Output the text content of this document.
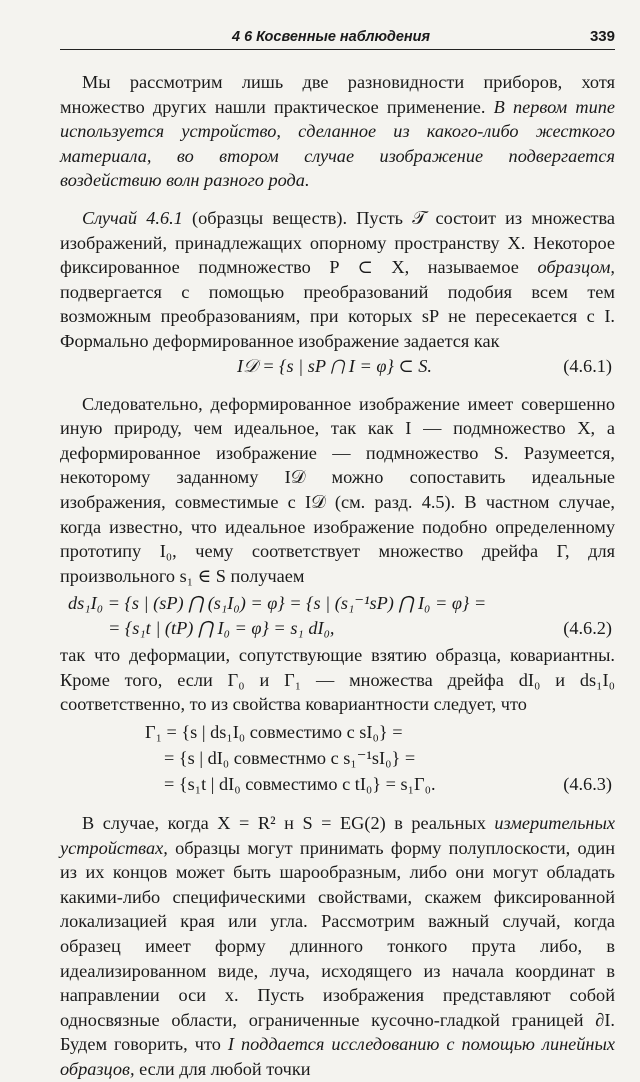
4 6 Косвенные наблюдения	339

Мы рассмотрим лишь две разновидности приборов, хотя множество других нашли практическое применение. В первом типе используется устройство, сделанное из какого-либо жесткого материала, во втором случае изображение подвергается воздействию волн разного рода.

Случай 4.6.1 (образцы веществ). Пусть 𝒯 состоит из множества изображений, принадлежащих опорному пространству X. Некоторое фиксированное подмножество P ⊂ X, называемое образцом, подвергается с помощью преобразований подобия всем тем возможным преобразованиям, при которых sP не пересекается с I. Формально деформированное изображение задается как

I𝒟 = {s | sP ⋂ I = φ} ⊂ S.	(4.6.1)

Следовательно, деформированное изображение имеет совершенно иную природу, чем идеальное, так как I — подмножество X, а деформированное изображение — подмножество S. Разумеется, некоторому заданному I𝒟 можно сопоставить идеальные изображения, совместимые с I𝒟 (см. разд. 4.5). В частном случае, когда известно, что идеальное изображение подобно определенному прототипу I₀, чему соответствует множество дрейфа Γ, для произвольного s₁ ∈ S получаем

ds₁I₀ = {s | (sP) ⋂ (s₁I₀) = φ} = {s | (s₁⁻¹sP) ⋂ I₀ = φ} =
= {s₁t | (tP) ⋂ I₀ = φ} = s₁ dI₀,	(4.6.2)

так что деформации, сопутствующие взятию образца, ковариантны. Кроме того, если Γ₀ и Γ₁ — множества дрейфа dI₀ и ds₁I₀ соответственно, то из свойства ковариантности следует, что

Γ₁ = {s | ds₁I₀ совместимо с sI₀} =
= {s | dI₀ совместнмо с s₁⁻¹sI₀} =
= {s₁t | dI₀ совместимо с tI₀} = s₁Γ₀.	(4.6.3)

В случае, когда X = R² н S = EG(2) в реальных измерительных устройствах, образцы могут принимать форму полуплоскости, один из их концов может быть шарообразным, либо они могут обладать какими-либо специфическими свойствами, скажем фиксированной локализацией края или угла. Рассмотрим важный случай, когда образец имеет форму длинного тонкого прута либо, в идеализированном виде, луча, исходящего из начала координат в направлении оси x. Пусть изображения представляют собой односвязные области, ограниченные кусочно-гладкой границей ∂I. Будем говорить, что I поддается исследованию с помощью линейных образцов, если для любой точки
